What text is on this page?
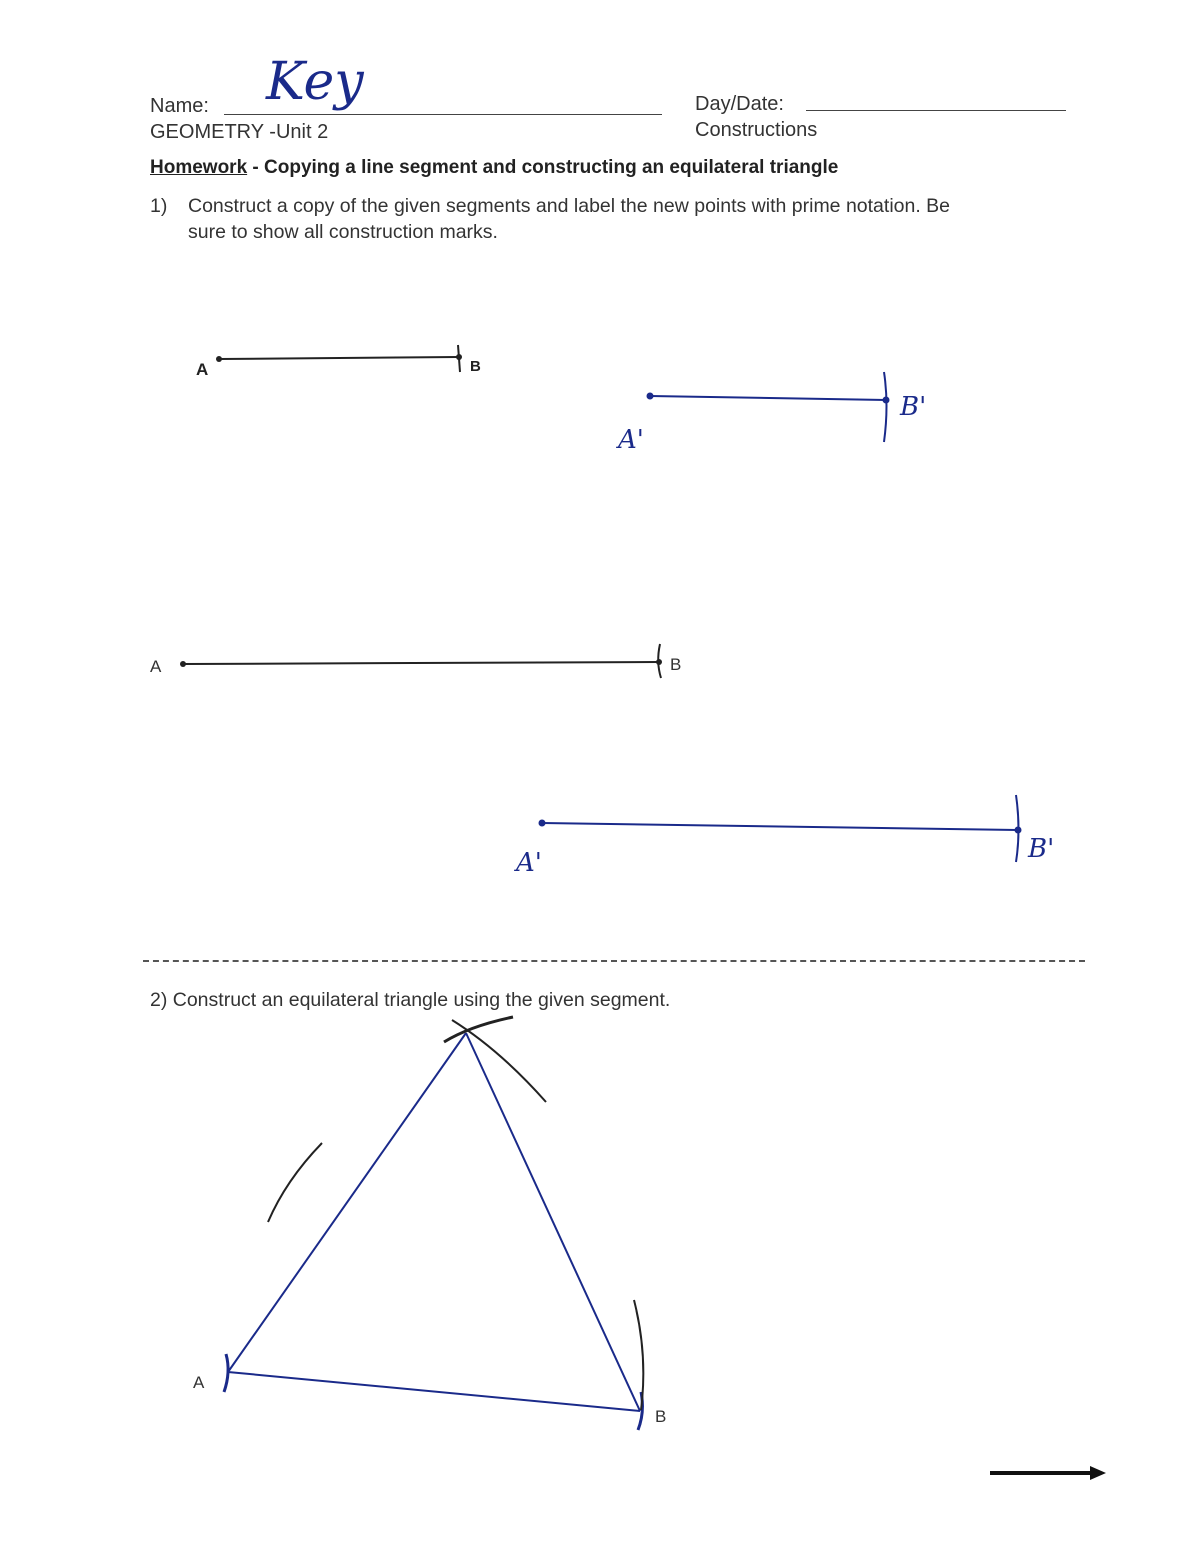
Name: Key	Day/Date:
GEOMETRY -Unit 2	Constructions
Homework - Copying a line segment and constructing an equilateral triangle
1) Construct a copy of the given segments and label the new points with prime notation. Be
sure to show all construction marks.
A	B
A'
B'
A	B
A'	B'
2) Construct an equilateral triangle using the given segment.
A
B
